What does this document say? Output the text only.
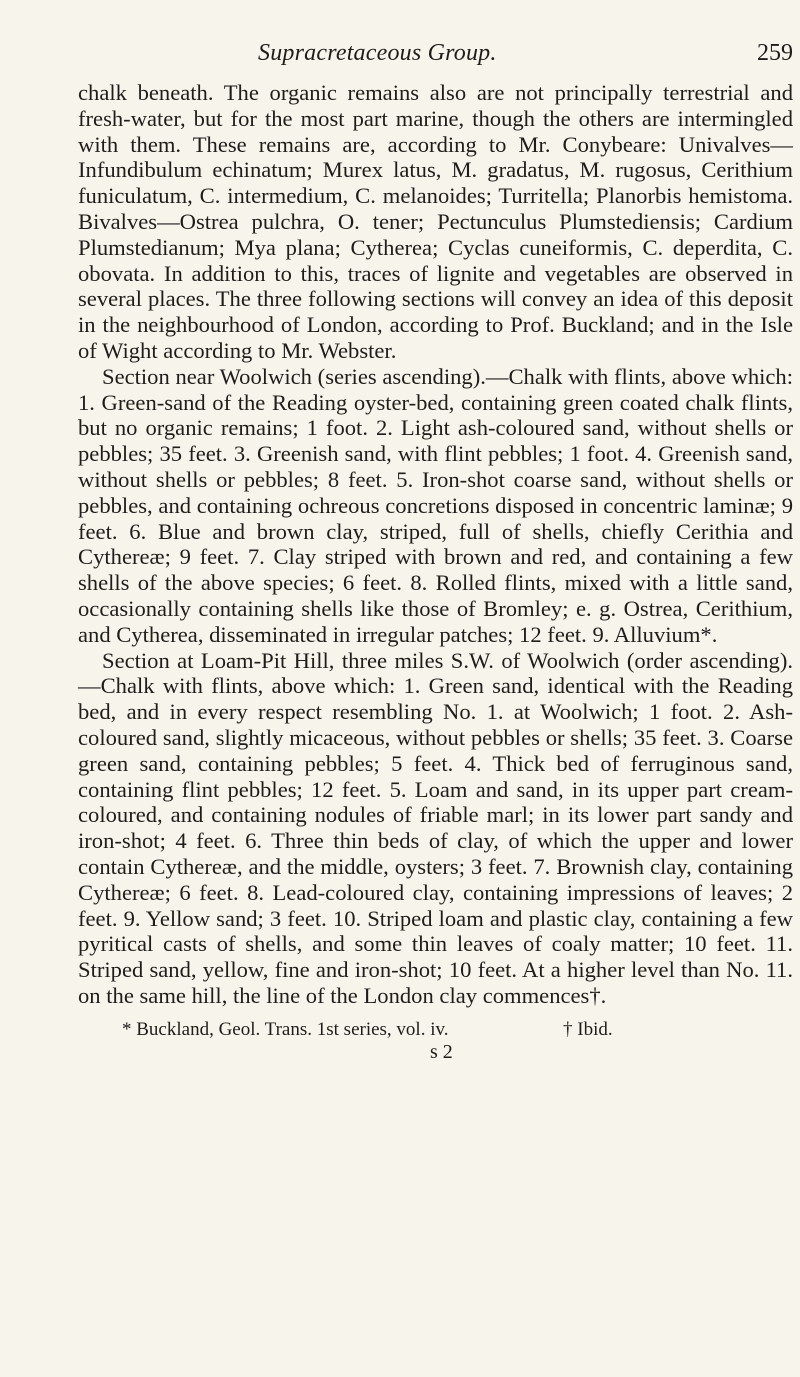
Supracretaceous Group.	259

chalk beneath. The organic remains also are not principally terrestrial and fresh-water, but for the most part marine, though the others are intermingled with them. These remains are, according to Mr. Conybeare: Univalves—Infundibulum echinatum; Murex latus, M. gradatus, M. rugosus, Cerithium funiculatum, C. intermedium, C. melanoides; Turritella; Planorbis hemistoma. Bivalves—Ostrea pulchra, O. tener; Pectunculus Plumstediensis; Cardium Plumstedianum; Mya plana; Cytherea; Cyclas cuneiformis, C. deperdita, C. obovata. In addition to this, traces of lignite and vegetables are observed in several places. The three following sections will convey an idea of this deposit in the neighbourhood of London, according to Prof. Buckland; and in the Isle of Wight according to Mr. Webster.

Section near Woolwich (series ascending).—Chalk with flints, above which: 1. Green-sand of the Reading oyster-bed, containing green coated chalk flints, but no organic remains; 1 foot. 2. Light ash-coloured sand, without shells or pebbles; 35 feet. 3. Greenish sand, with flint pebbles; 1 foot. 4. Greenish sand, without shells or pebbles; 8 feet. 5. Iron-shot coarse sand, without shells or pebbles, and containing ochreous concretions disposed in concentric laminæ; 9 feet. 6. Blue and brown clay, striped, full of shells, chiefly Cerithia and Cythereæ; 9 feet. 7. Clay striped with brown and red, and containing a few shells of the above species; 6 feet. 8. Rolled flints, mixed with a little sand, occasionally containing shells like those of Bromley; e. g. Ostrea, Cerithium, and Cytherea, disseminated in irregular patches; 12 feet. 9. Alluvium*.

Section at Loam-Pit Hill, three miles S.W. of Woolwich (order ascending).—Chalk with flints, above which: 1. Green sand, identical with the Reading bed, and in every respect resembling No. 1. at Woolwich; 1 foot. 2. Ash-coloured sand, slightly micaceous, without pebbles or shells; 35 feet. 3. Coarse green sand, containing pebbles; 5 feet. 4. Thick bed of ferruginous sand, containing flint pebbles; 12 feet. 5. Loam and sand, in its upper part cream-coloured, and containing nodules of friable marl; in its lower part sandy and iron-shot; 4 feet. 6. Three thin beds of clay, of which the upper and lower contain Cythereæ, and the middle, oysters; 3 feet. 7. Brownish clay, containing Cythereæ; 6 feet. 8. Lead-coloured clay, containing impressions of leaves; 2 feet. 9. Yellow sand; 3 feet. 10. Striped loam and plastic clay, containing a few pyritical casts of shells, and some thin leaves of coaly matter; 10 feet. 11. Striped sand, yellow, fine and iron-shot; 10 feet. At a higher level than No. 11. on the same hill, the line of the London clay commences†.

* Buckland, Geol. Trans. 1st series, vol. iv.	† Ibid.
s 2
